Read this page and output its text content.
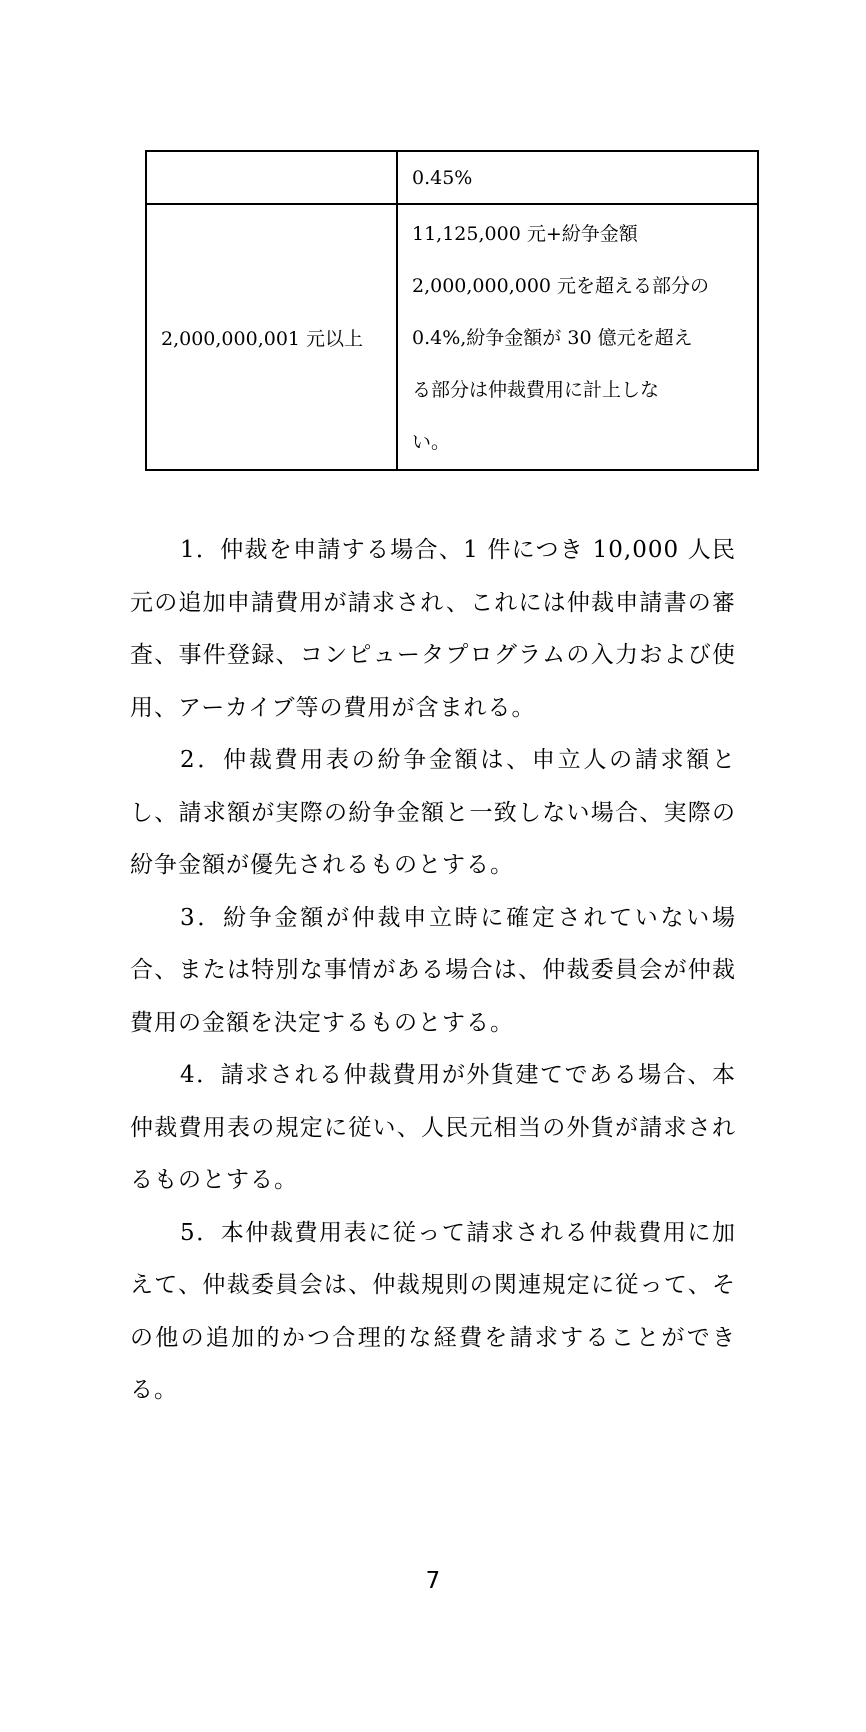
	0.45%

2,000,000,001 元以上	11,125,000 元+紛争金額
2,000,000,000 元を超える部分の
0.4%,紛争金額が 30 億元を超え
る部分は仲裁費用に計上しな
い。

1．仲裁を申請する場合、1 件につき 10,000 人民元の追加申請費用が請求され、これには仲裁申請書の審査、事件登録、コンピュータプログラムの入力および使用、アーカイブ等の費用が含まれる。

2．仲裁費用表の紛争金額は、申立人の請求額とし、請求額が実際の紛争金額と一致しない場合、実際の紛争金額が優先されるものとする。

3．紛争金額が仲裁申立時に確定されていない場合、または特別な事情がある場合は、仲裁委員会が仲裁費用の金額を決定するものとする。

4．請求される仲裁費用が外貨建てである場合、本仲裁費用表の規定に従い、人民元相当の外貨が請求されるものとする。

5．本仲裁費用表に従って請求される仲裁費用に加えて、仲裁委員会は、仲裁規則の関連規定に従って、その他の追加的かつ合理的な経費を請求することができる。

7
